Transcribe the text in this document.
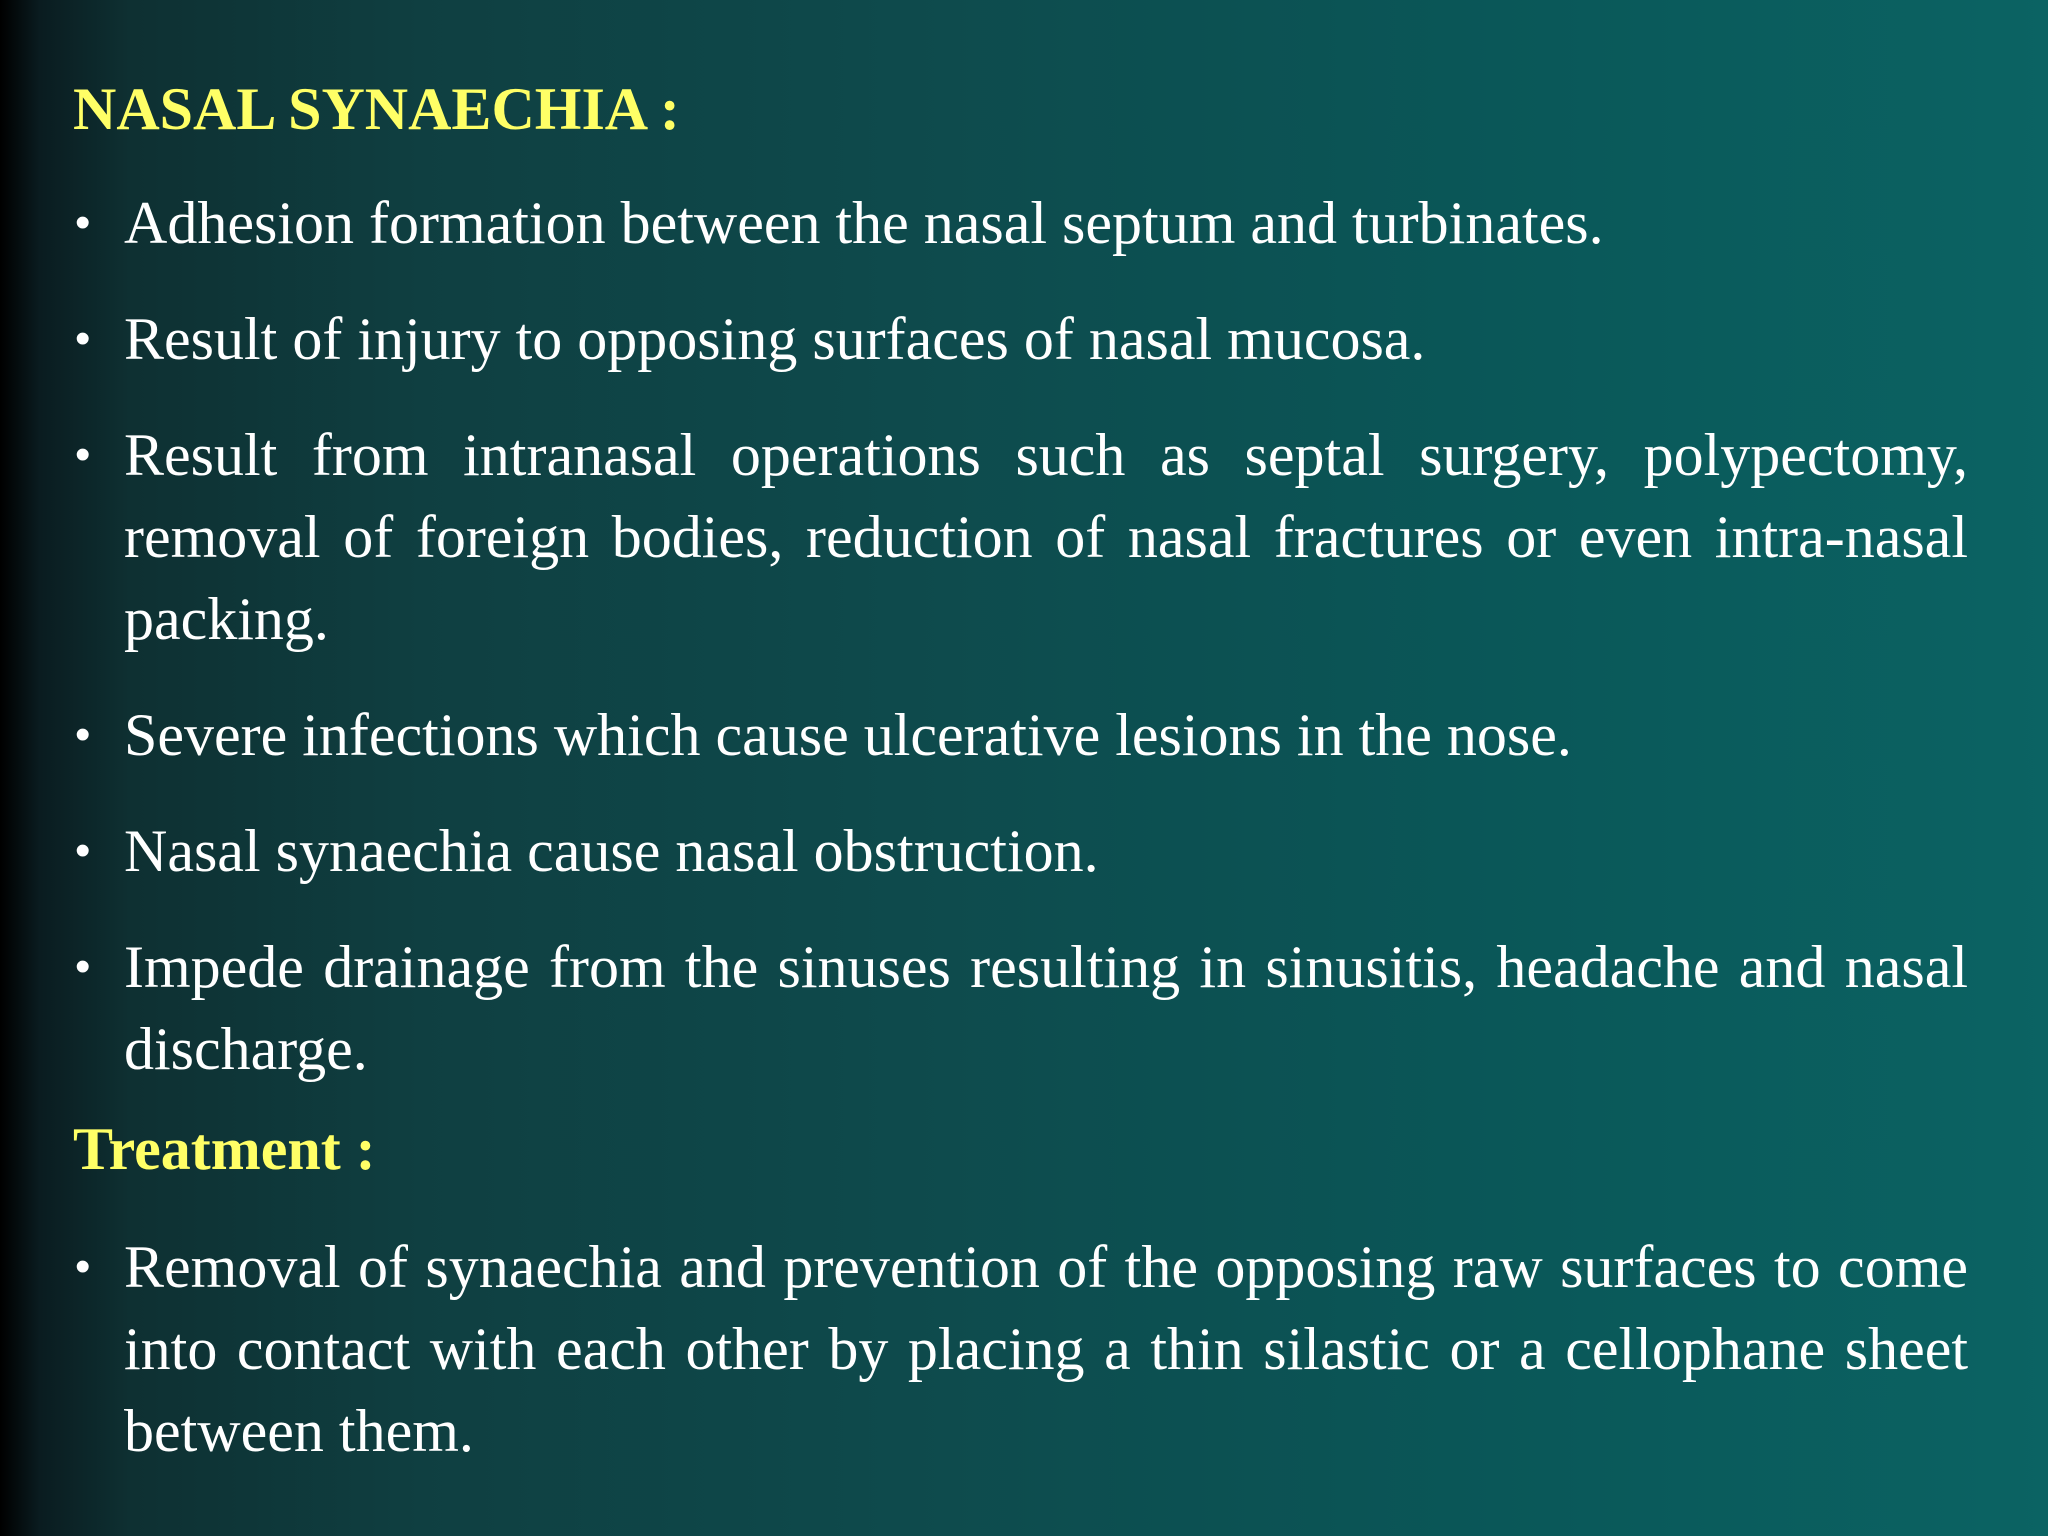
NASAL SYNAECHIA :
• Adhesion formation between the nasal septum and turbinates.
• Result of injury to opposing surfaces of nasal mucosa.
• Result from intranasal operations such as septal surgery, polypectomy, removal of foreign bodies, reduction of nasal fractures or even intra-nasal packing.
• Severe infections which cause ulcerative lesions in the nose.
• Nasal synaechia cause nasal obstruction.
• Impede drainage from the sinuses resulting in sinusitis, headache and nasal discharge.
Treatment :
• Removal of synaechia and prevention of the opposing raw surfaces to come into contact with each other by placing a thin silastic or a cellophane sheet between them.
